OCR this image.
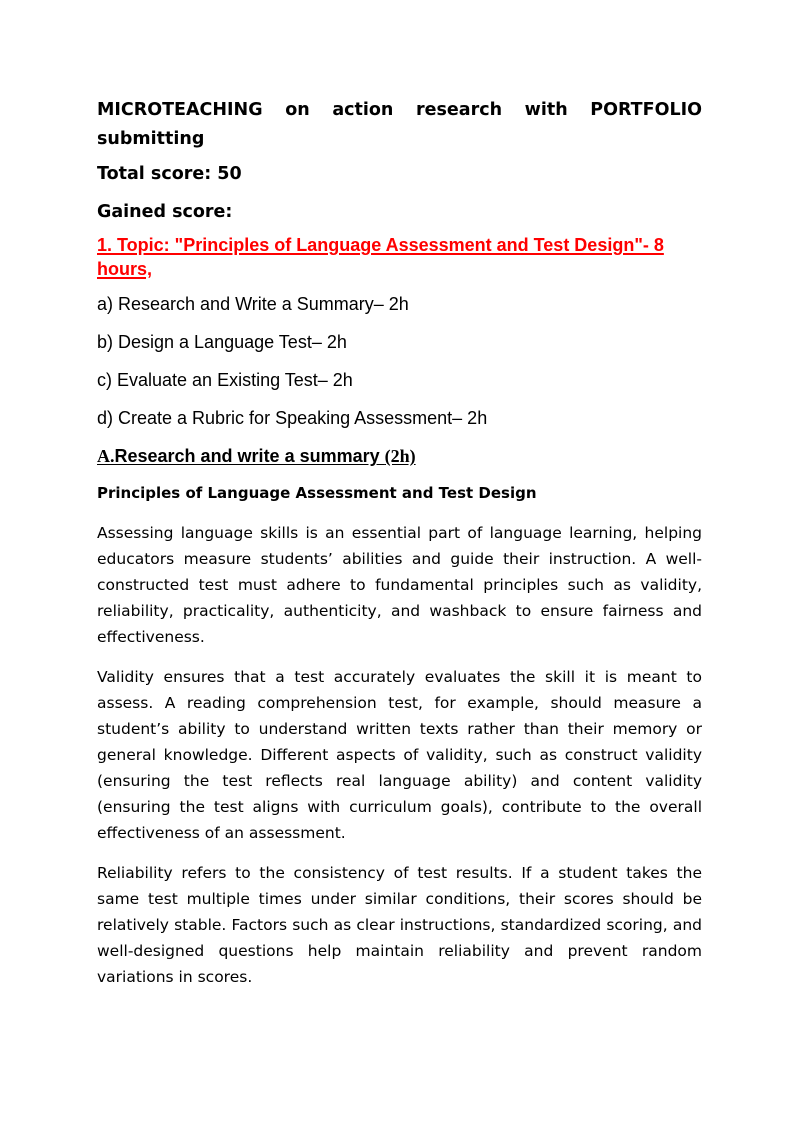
MICROTEACHING on action research with PORTFOLIO submitting

Total score: 50

Gained score:

1. Topic: "Principles of Language Assessment and Test Design"- 8 hours,

a) Research and Write a Summary– 2h

b) Design a Language Test– 2h

c) Evaluate an Existing Test– 2h

d) Create a Rubric for Speaking Assessment– 2h

A.Research and write a summary (2h)

Principles of Language Assessment and Test Design

Assessing language skills is an essential part of language learning, helping educators measure students’ abilities and guide their instruction. A well-constructed test must adhere to fundamental principles such as validity, reliability, practicality, authenticity, and washback to ensure fairness and effectiveness.

Validity ensures that a test accurately evaluates the skill it is meant to assess. A reading comprehension test, for example, should measure a student’s ability to understand written texts rather than their memory or general knowledge. Different aspects of validity, such as construct validity (ensuring the test reflects real language ability) and content validity (ensuring the test aligns with curriculum goals), contribute to the overall effectiveness of an assessment.

Reliability refers to the consistency of test results. If a student takes the same test multiple times under similar conditions, their scores should be relatively stable. Factors such as clear instructions, standardized scoring, and well-designed questions help maintain reliability and prevent random variations in scores.
